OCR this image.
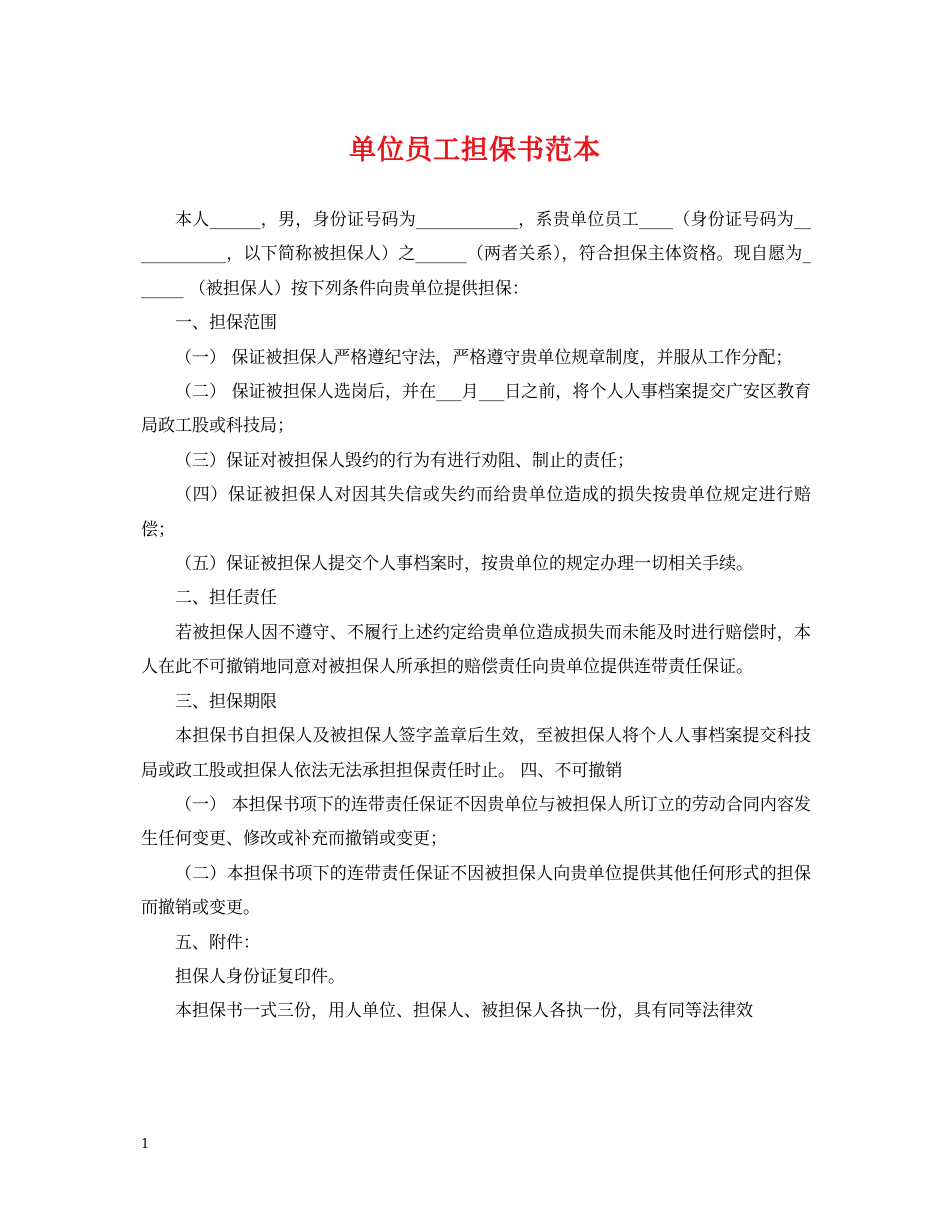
单位员工担保书范本

本人______，男，身份证号码为____________，系贵单位员工____（身份证号码为____________，以下简称被担保人）之______（两者关系），符合担保主体资格。现自愿为______ （被担保人）按下列条件向贵单位提供担保：

一、担保范围

（一） 保证被担保人严格遵纪守法，严格遵守贵单位规章制度，并服从工作分配；

（二） 保证被担保人选岗后，并在___月___日之前，将个人人事档案提交广安区教育局政工股或科技局；

（三）保证对被担保人毁约的行为有进行劝阻、制止的责任；

（四）保证被担保人对因其失信或失约而给贵单位造成的损失按贵单位规定进行赔偿；

（五）保证被担保人提交个人事档案时，按贵单位的规定办理一切相关手续。

二、担任责任

若被担保人因不遵守、不履行上述约定给贵单位造成损失而未能及时进行赔偿时，本人在此不可撤销地同意对被担保人所承担的赔偿责任向贵单位提供连带责任保证。

三、担保期限

本担保书自担保人及被担保人签字盖章后生效，至被担保人将个人人事档案提交科技局或政工股或担保人依法无法承担担保责任时止。 四、不可撤销

（一） 本担保书项下的连带责任保证不因贵单位与被担保人所订立的劳动合同内容发生任何变更、修改或补充而撤销或变更；

（二）本担保书项下的连带责任保证不因被担保人向贵单位提供其他任何形式的担保而撤销或变更。

五、附件：

担保人身份证复印件。

本担保书一式三份，用人单位、担保人、被担保人各执一份，具有同等法律效

1
